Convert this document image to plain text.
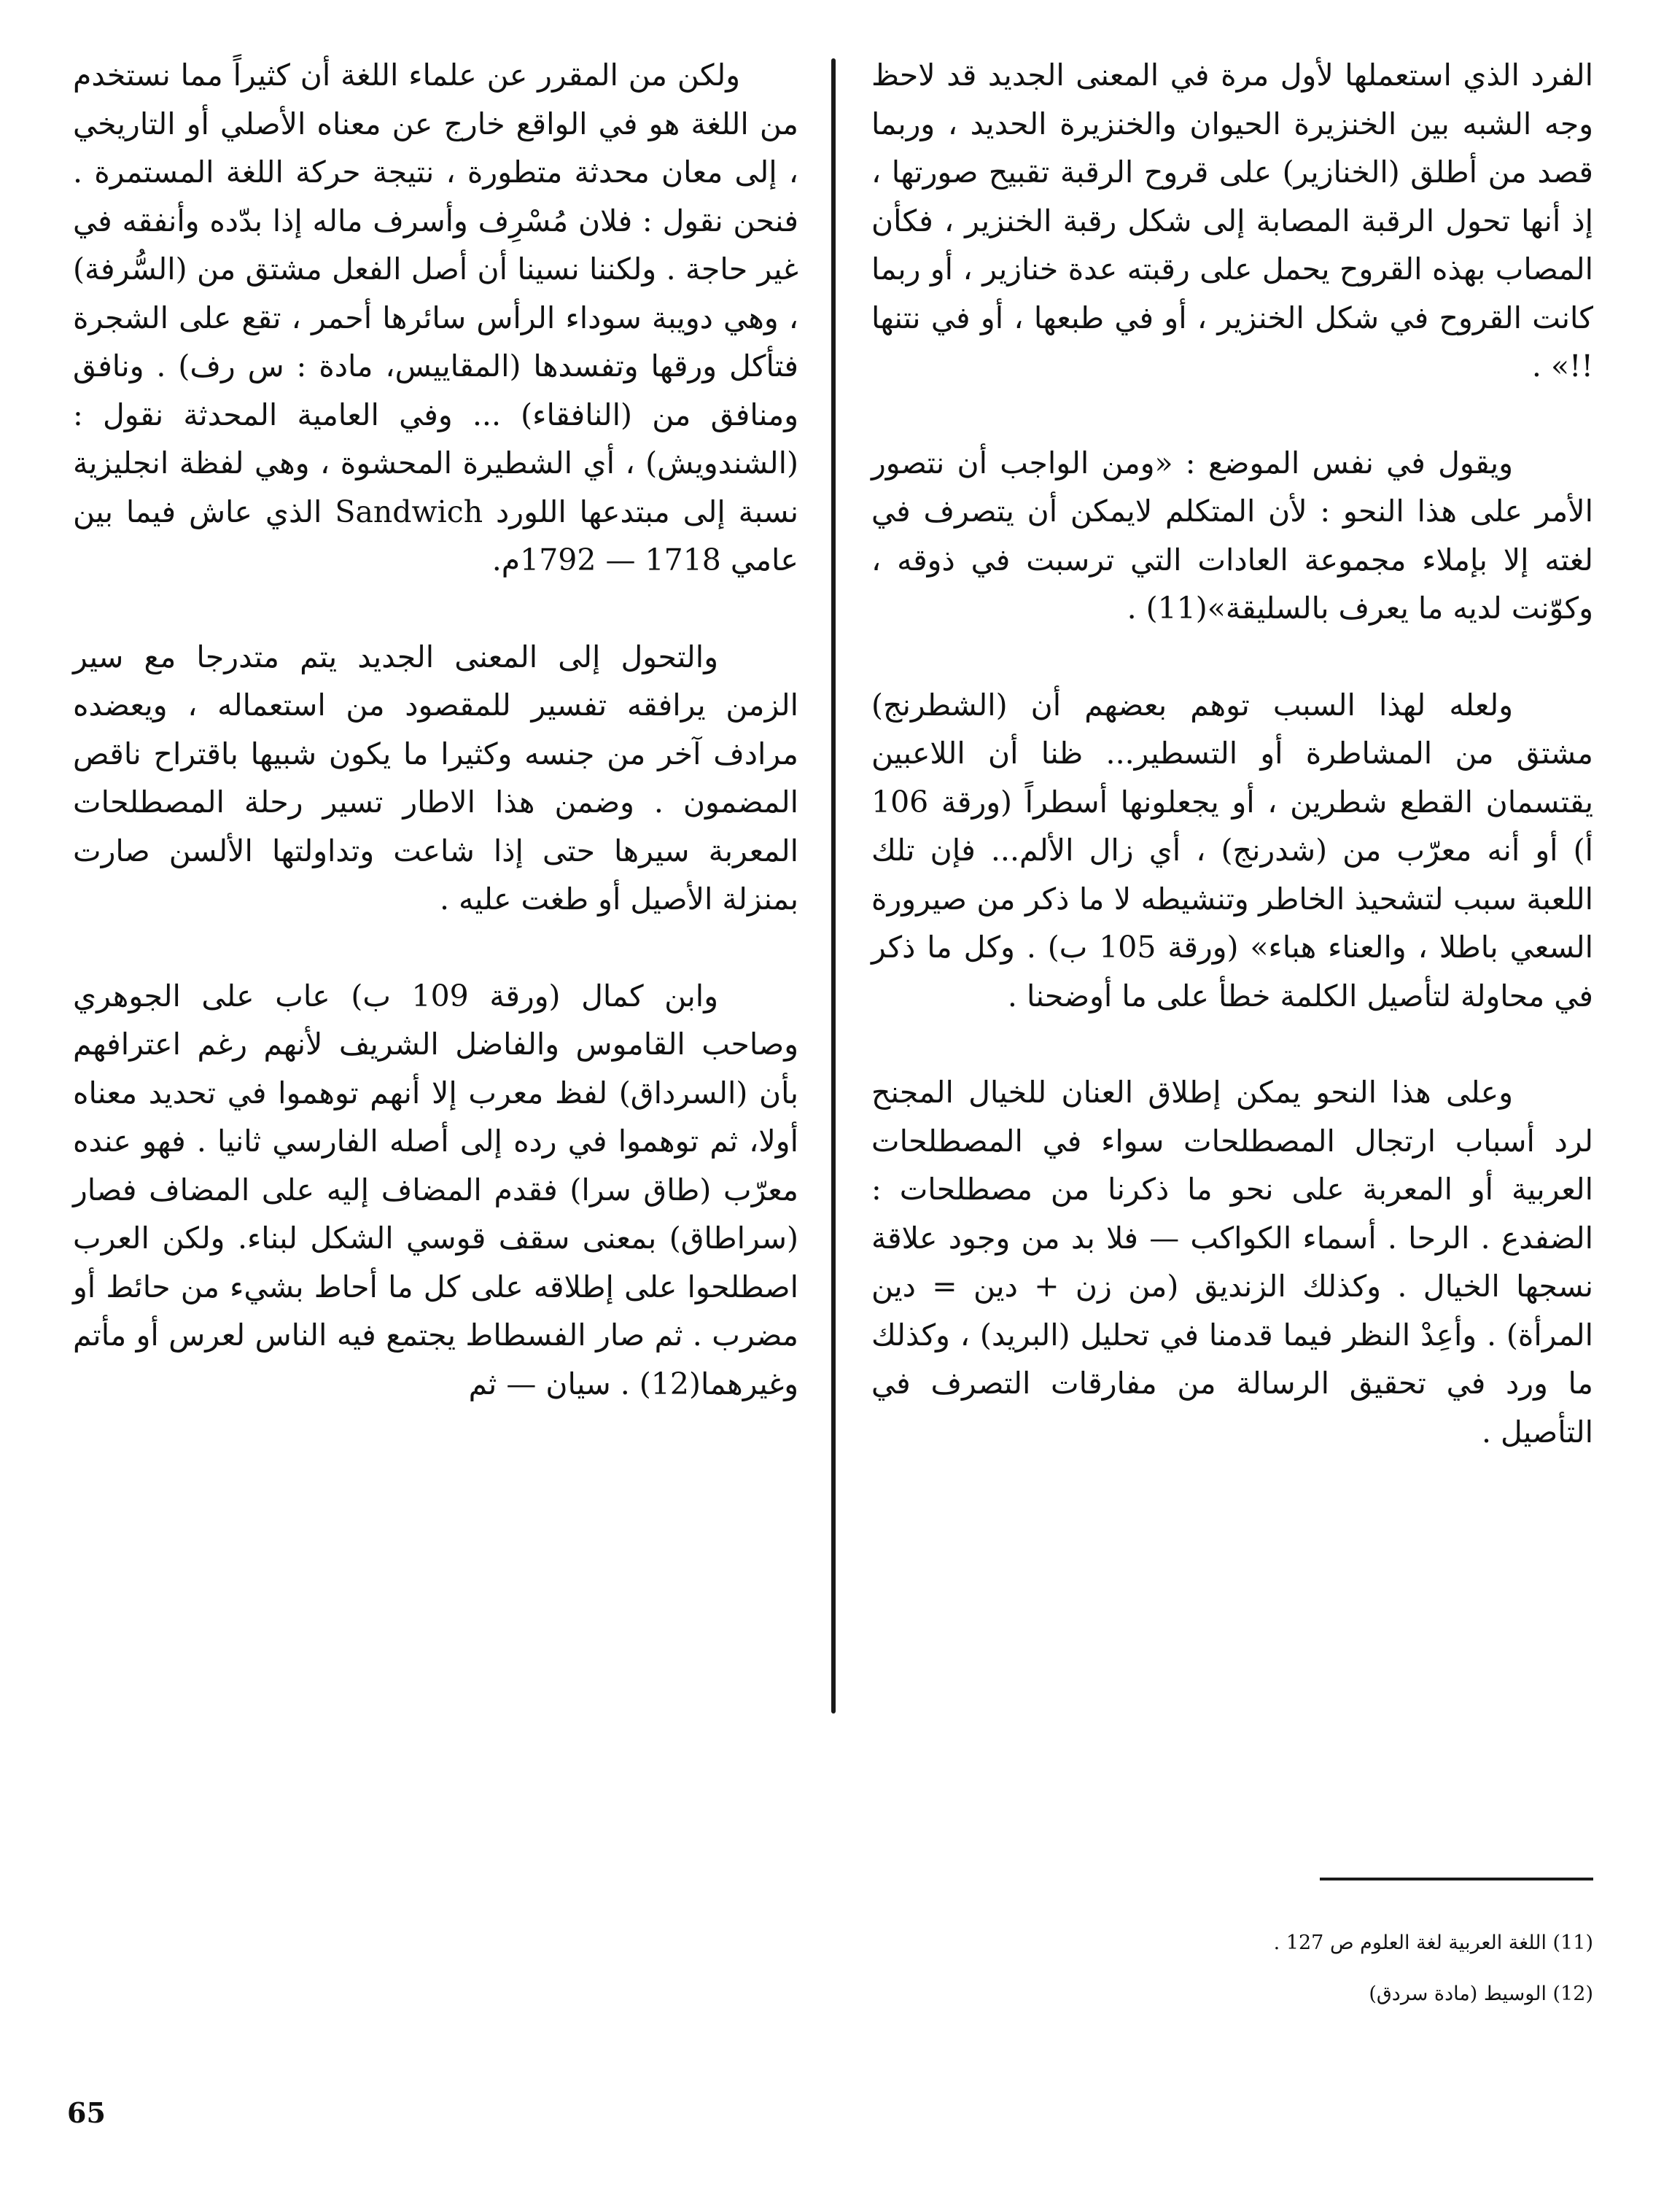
الفرد الذي استعملها لأول مرة في المعنى الجديد قد لاحظ وجه الشبه بين الخنزيرة الحيوان والخنزيرة الحديد ، وربما قصد من أطلق (الخنازير) على قروح الرقبة تقبيح صورتها ، إذ أنها تحول الرقبة المصابة إلى شكل رقبة الخنزير ، فكأن المصاب بهذه القروح يحمل على رقبته عدة خنازير ، أو ربما كانت القروح في شكل الخنزير ، أو في طبعها ، أو في نتنها !!» .

ويقول في نفس الموضع : «ومن الواجب أن نتصور الأمر على هذا النحو : لأن المتكلم لايمكن أن يتصرف في لغته إلا بإملاء مجموعة العادات التي ترسبت في ذوقه ، وكوّنت لديه ما يعرف بالسليقة»(11) .

ولعله لهذا السبب توهم بعضهم أن (الشطرنج) مشتق من المشاطرة أو التسطير... ظنا أن اللاعبين يقتسمان القطع شطرين ، أو يجعلونها أسطراً (ورقة 106 أ) أو أنه معرّب من (شدرنج) ، أي زال الألم... فإن تلك اللعبة سبب لتشحيذ الخاطر وتنشيطه لا ما ذكر من صيرورة السعي باطلا ، والعناء هباء» (ورقة 105 ب) . وكل ما ذكر في محاولة لتأصيل الكلمة خطأ على ما أوضحنا .

وعلى هذا النحو يمكن إطلاق العنان للخيال المجنح لرد أسباب ارتجال المصطلحات سواء في المصطلحات العربية أو المعربة على نحو ما ذكرنا من مصطلحات : الضفدع . الرحا . أسماء الكواكب — فلا بد من وجود علاقة نسجها الخيال . وكذلك الزنديق (من زن + دين = دين المرأة) . وأعِدْ النظر فيما قدمنا في تحليل (البريد) ، وكذلك ما ورد في تحقيق الرسالة من مفارقات التصرف في التأصيل .

ولكن من المقرر عن علماء اللغة أن كثيراً مما نستخدم من اللغة هو في الواقع خارج عن معناه الأصلي أو التاريخي ، إلى معان محدثة متطورة ، نتيجة حركة اللغة المستمرة . فنحن نقول : فلان مُسْرِف وأسرف ماله إذا بدّده وأنفقه في غير حاجة . ولكننا نسينا أن أصل الفعل مشتق من (السُّرفة) ، وهي دويبة سوداء الرأس سائرها أحمر ، تقع على الشجرة فتأكل ورقها وتفسدها (المقاييس، مادة : س رف) . ونافق ومنافق من (النافقاء) ... وفي العامية المحدثة نقول : (الشندويش) ، أي الشطيرة المحشوة ، وهي لفظة انجليزية نسبة إلى مبتدعها اللورد Sandwich الذي عاش فيما بين عامي 1718 — 1792م.

والتحول إلى المعنى الجديد يتم متدرجا مع سير الزمن يرافقه تفسير للمقصود من استعماله ، ويعضده مرادف آخر من جنسه وكثيرا ما يكون شبيها باقتراح ناقص المضمون . وضمن هذا الاطار تسير رحلة المصطلحات المعربة سيرها حتى إذا شاعت وتداولتها الألسن صارت بمنزلة الأصيل أو طغت عليه .

وابن كمال (ورقة 109 ب) عاب على الجوهري وصاحب القاموس والفاضل الشريف لأنهم رغم اعترافهم بأن (السرداق) لفظ معرب إلا أنهم توهموا في تحديد معناه أولا، ثم توهموا في رده إلى أصله الفارسي ثانيا . فهو عنده معرّب (طاق سرا) فقدم المضاف إليه على المضاف فصار (سراطاق) بمعنى سقف قوسي الشكل لبناء. ولكن العرب اصطلحوا على إطلاقه على كل ما أحاط بشيء من حائط أو مضرب . ثم صار الفسطاط يجتمع فيه الناس لعرس أو مأتم وغيرهما(12) . سيان — ثم

(11) اللغة العربية لغة العلوم ص 127 .
(12) الوسيط (مادة سردق)
65
